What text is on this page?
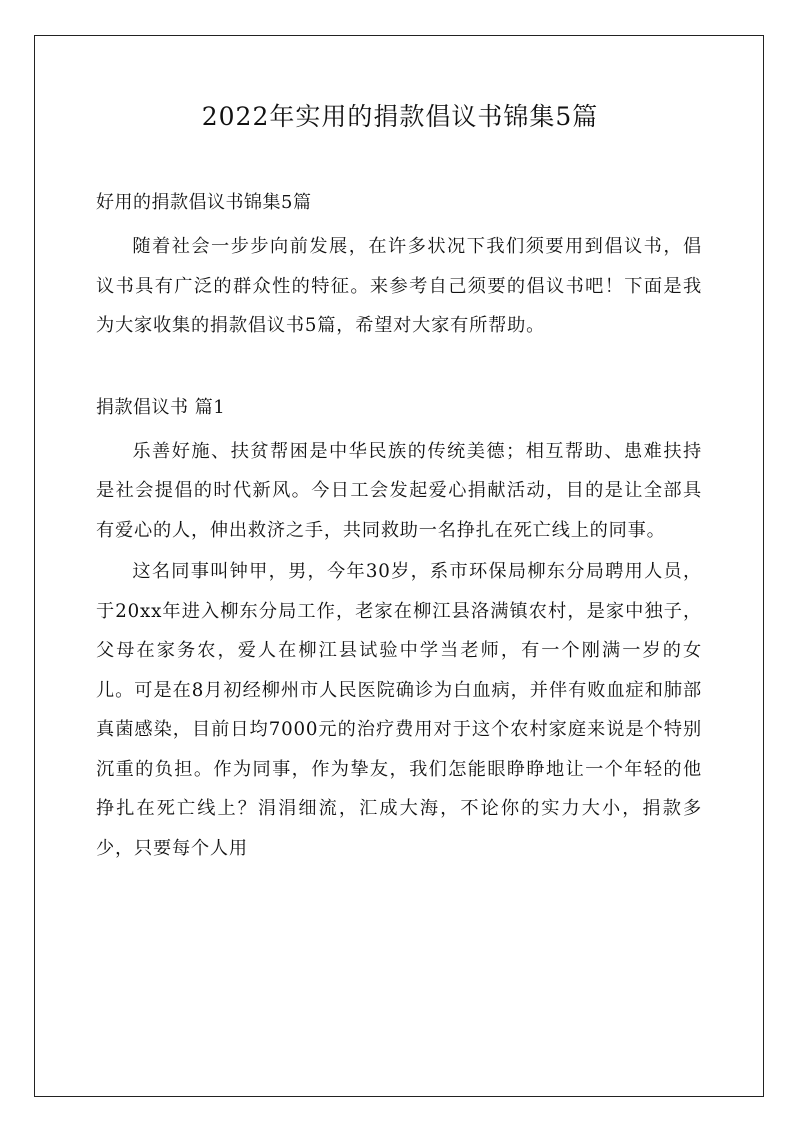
2022年实用的捐款倡议书锦集5篇

好用的捐款倡议书锦集5篇

随着社会一步步向前发展，在许多状况下我们须要用到倡议书，倡议书具有广泛的群众性的特征。来参考自己须要的倡议书吧！下面是我为大家收集的捐款倡议书5篇，希望对大家有所帮助。

捐款倡议书 篇1

乐善好施、扶贫帮困是中华民族的传统美德；相互帮助、患难扶持是社会提倡的时代新风。今日工会发起爱心捐献活动，目的是让全部具有爱心的人，伸出救济之手，共同救助一名挣扎在死亡线上的同事。

这名同事叫钟甲，男，今年30岁，系市环保局柳东分局聘用人员，于20xx年进入柳东分局工作，老家在柳江县洛满镇农村，是家中独子，父母在家务农，爱人在柳江县试验中学当老师，有一个刚满一岁的女儿。可是在8月初经柳州市人民医院确诊为白血病，并伴有败血症和肺部真菌感染，目前日均7000元的治疗费用对于这个农村家庭来说是个特别沉重的负担。作为同事，作为挚友，我们怎能眼睁睁地让一个年轻的他挣扎在死亡线上？涓涓细流，汇成大海，不论你的实力大小，捐款多少，只要每个人用
